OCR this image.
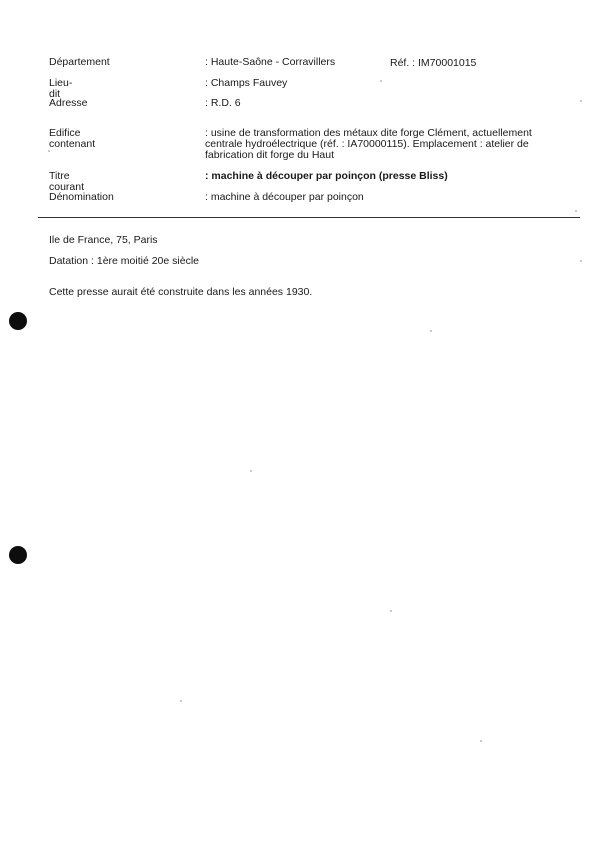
Département	: Haute-Saône - Corravillers	Réf. : IM70001015
Lieu-dit
: Champs Fauvey
Adresse	: R.D. 6
Edifice contenant
: usine de transformation des métaux dite forge Clément, actuellement centrale hydroélectrique (réf. : IA70000115). Emplacement : atelier de fabrication dit forge du Haut
Titre courant
: machine à découper par poinçon (presse Bliss)
Dénomination	: machine à découper par poinçon
Ile de France, 75, Paris
Datation : 1ère moitié 20e siècle
Cette presse aurait été construite dans les années 1930.
